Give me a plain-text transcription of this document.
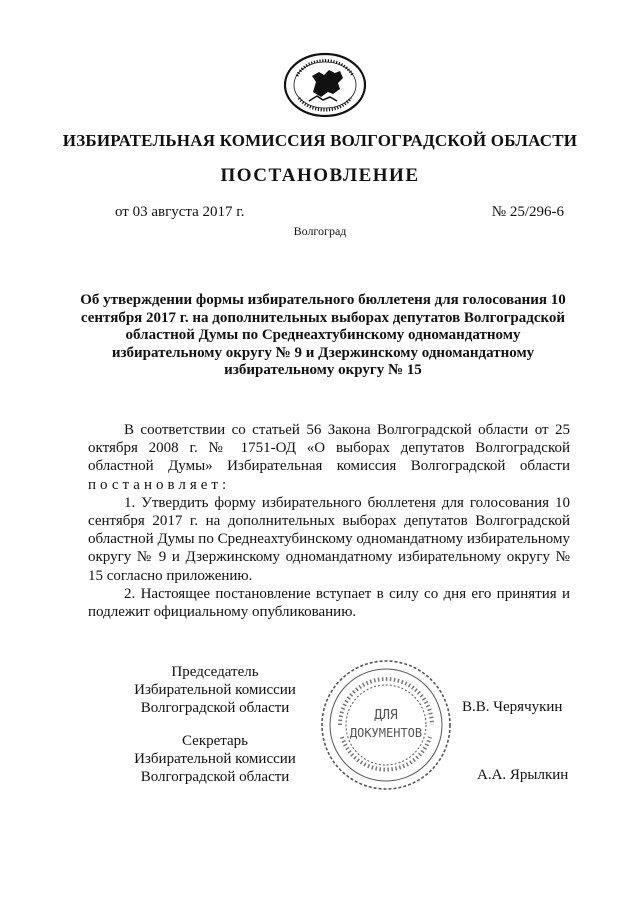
ИЗБИРАТЕЛЬНАЯ КОМИССИЯ ВОЛГОГРАДСКОЙ ОБЛАСТИ
ПОСТАНОВЛЕНИЕ
от 03 августа 2017 г.	№ 25/296-6
Волгоград
Об утверждении формы избирательного бюллетеня для голосования 10 сентября 2017 г. на дополнительных выборах депутатов Волгоградской областной Думы по Среднеахтубинскому одномандатному избирательному округу № 9 и Дзержинскому одномандатному избирательному округу № 15

В соответствии со статьей 56 Закона Волгоградской области от 25 октября 2008 г. № 1751-ОД «О выборах депутатов Волгоградской областной Думы» Избирательная комиссия Волгоградской области постановляет:

1. Утвердить форму избирательного бюллетеня для голосования 10 сентября 2017 г. на дополнительных выборах депутатов Волгоградской областной Думы по Среднеахтубинскому одномандатному избирательному округу № 9 и Дзержинскому одномандатному избирательному округу № 15 согласно приложению.

2. Настоящее постановление вступает в силу со дня его принятия и подлежит официальному опубликованию.

Председатель
Избирательной комиссии
Волгоградской области	В.В. Черячукин
Секретарь
Избирательной комиссии
Волгоградской области	А.А. Ярылкин
ДЛЯ
ДОКУМЕНТОВ
